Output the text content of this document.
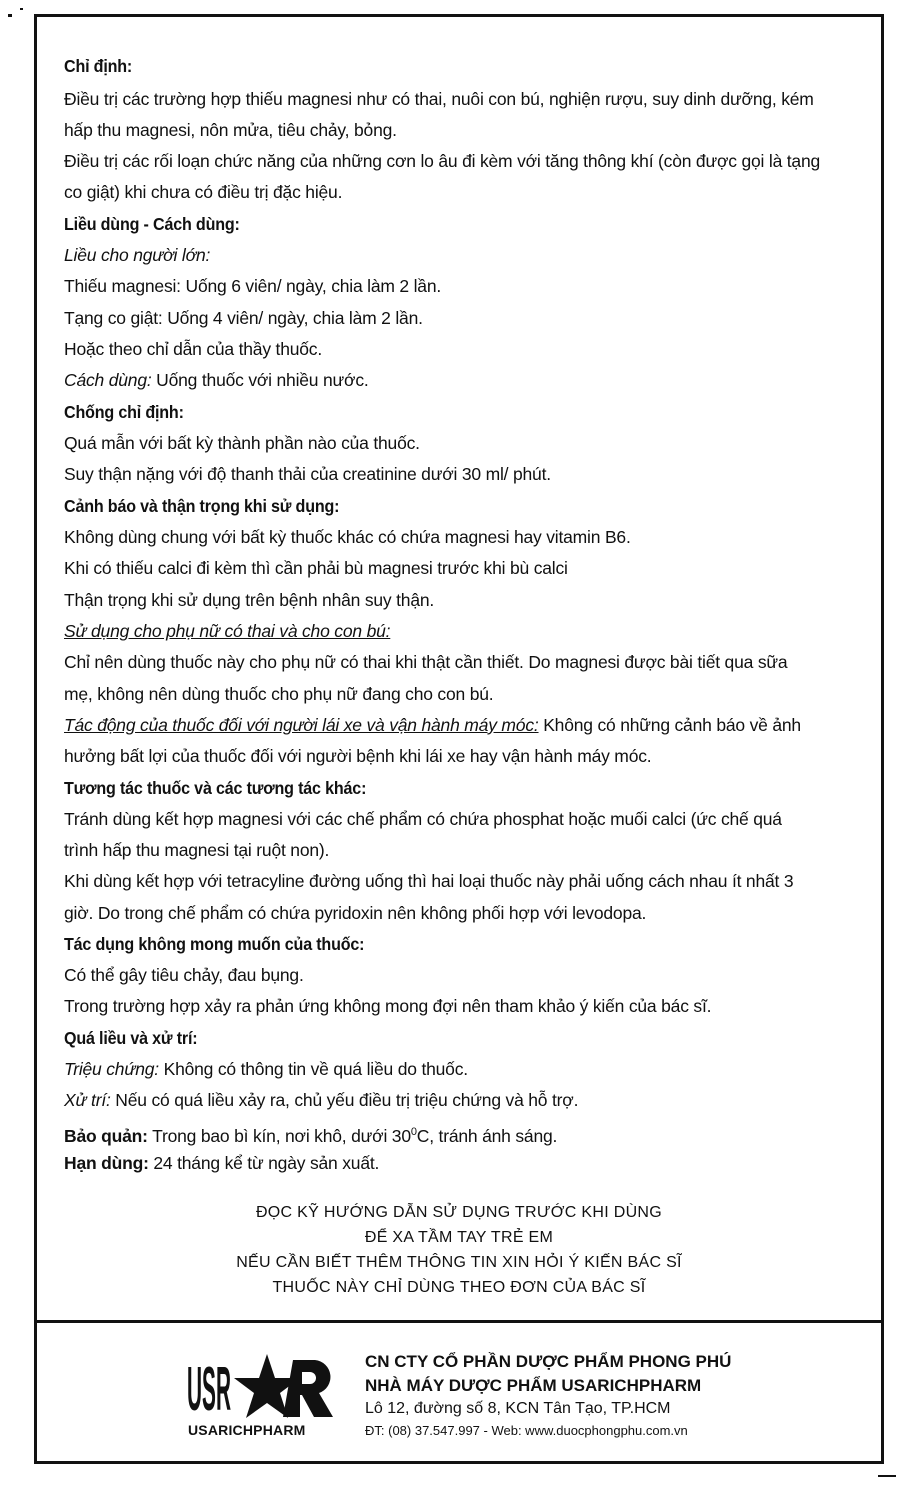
Chỉ định:
Điều trị các trường hợp thiếu magnesi như có thai, nuôi con bú, nghiện rượu, suy dinh dưỡng, kém
hấp thu magnesi, nôn mửa, tiêu chảy, bỏng.
Điều trị các rối loạn chức năng của những cơn lo âu đi kèm với tăng thông khí (còn được gọi là tạng
co giật) khi chưa có điều trị đặc hiệu.
Liều dùng - Cách dùng:
Liều cho người lớn:
Thiếu magnesi: Uống 6 viên/ ngày, chia làm 2 lần.
Tạng co giật: Uống 4 viên/ ngày, chia làm 2 lần.
Hoặc theo chỉ dẫn của thầy thuốc.
Cách dùng: Uống thuốc với nhiều nước.
Chống chỉ định:
Quá mẫn với bất kỳ thành phần nào của thuốc.
Suy thận nặng với độ thanh thải của creatinine dưới 30 ml/ phút.
Cảnh báo và thận trọng khi sử dụng:
Không dùng chung với bất kỳ thuốc khác có chứa magnesi hay vitamin B6.
Khi có thiếu calci đi kèm thì cần phải bù magnesi trước khi bù calci
Thận trọng khi sử dụng trên bệnh nhân suy thận.
Sử dụng cho phụ nữ có thai và cho con bú:
Chỉ nên dùng thuốc này cho phụ nữ có thai khi thật cần thiết. Do magnesi được bài tiết qua sữa
mẹ, không nên dùng thuốc cho phụ nữ đang cho con bú.
Tác động của thuốc đối với người lái xe và vận hành máy móc: Không có những cảnh báo về ảnh
hưởng bất lợi của thuốc đối với người bệnh khi lái xe hay vận hành máy móc.
Tương tác thuốc và các tương tác khác:
Tránh dùng kết hợp magnesi với các chế phẩm có chứa phosphat hoặc muối calci (ức chế quá
trình hấp thu magnesi tại ruột non).
Khi dùng kết hợp với tetracyline đường uống thì hai loại thuốc này phải uống cách nhau ít nhất 3
giờ. Do trong chế phẩm có chứa pyridoxin nên không phối hợp với levodopa.
Tác dụng không mong muốn của thuốc:
Có thể gây tiêu chảy, đau bụng.
Trong trường hợp xảy ra phản ứng không mong đợi nên tham khảo ý kiến của bác sĩ.
Quá liều và xử trí:
Triệu chứng: Không có thông tin về quá liều do thuốc.
Xử trí: Nếu có quá liều xảy ra, chủ yếu điều trị triệu chứng và hỗ trợ.
Bảo quản: Trong bao bì kín, nơi khô, dưới $30^0C$, tránh ánh sáng.
Hạn dùng: 24 tháng kể từ ngày sản xuất.
ĐỌC KỸ HƯỚNG DẪN SỬ DỤNG TRƯỚC KHI DÙNG
ĐỂ XA TẦM TAY TRẺ EM
NẾU CẦN BIẾT THÊM THÔNG TIN XIN HỎI Ý KIẾN BÁC SĨ
THUỐC NÀY CHỈ DÙNG THEO ĐƠN CỦA BÁC SĨ
USR
USARICHPHARM
CN CTY CỔ PHẦN DƯỢC PHẨM PHONG PHÚ
NHÀ MÁY DƯỢC PHẨM USARICHPHARM
Lô 12, đường số 8, KCN Tân Tạo, TP.HCM
ĐT: (08) 37.547.997 - Web: www.duocphongphu.com.vn
